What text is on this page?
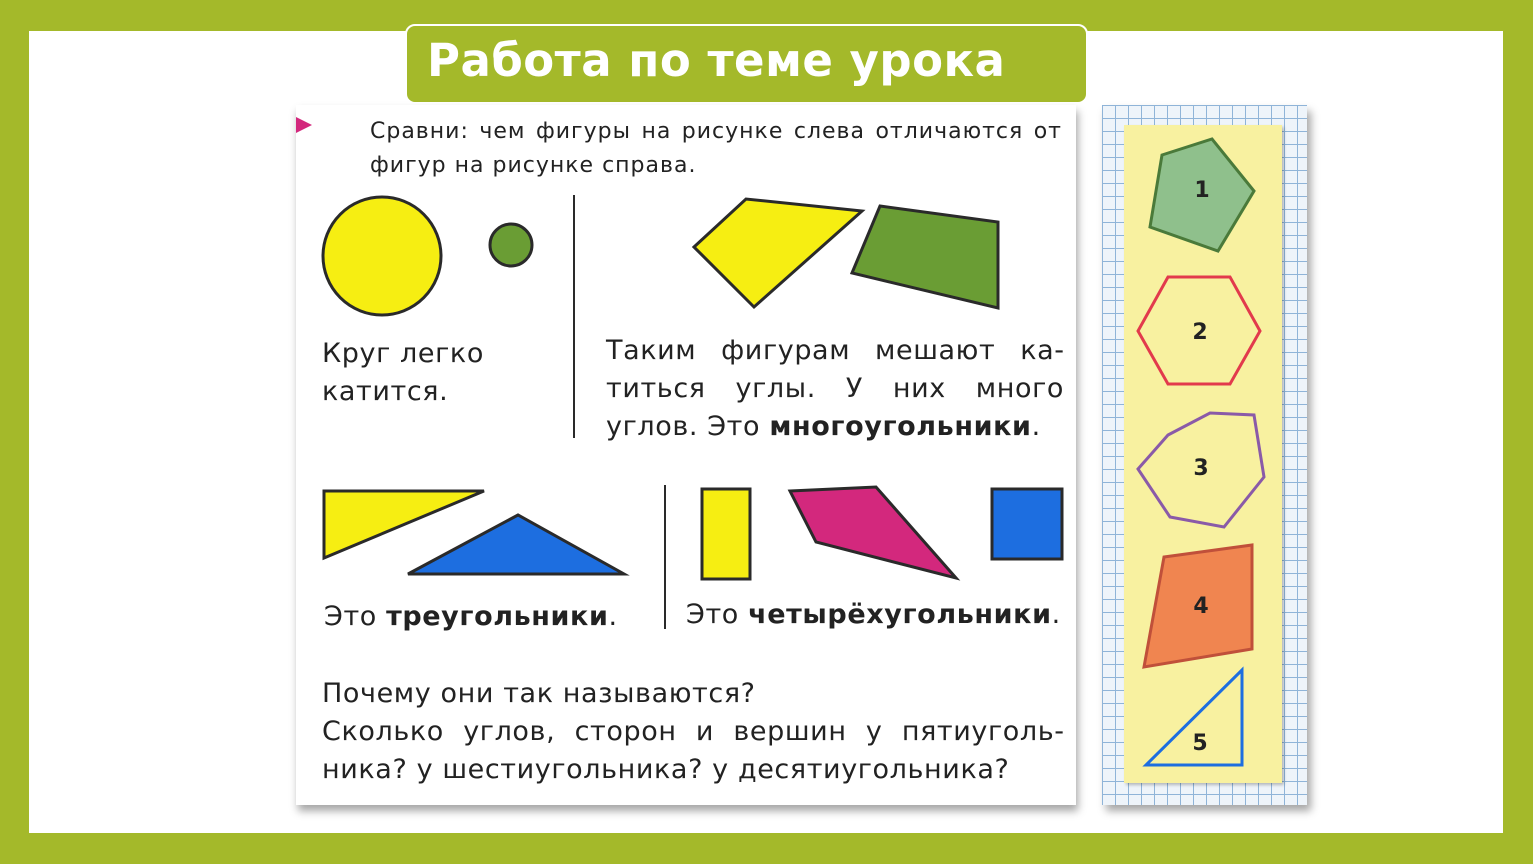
Работа по теме урока
Сравни: чем фигуры на рисунке слева отличаются от фигур на рисунке справа.
Круг легко катится.
Таким фигурам мешают катиться углы. У них много углов. Это многоугольники.
Это треугольники.	Это четырёхугольники.
Почему они так называются?
Сколько углов, сторон и вершин у пятиугольника? у шестиугольника? у десятиугольника?
1
2
3
4
5
